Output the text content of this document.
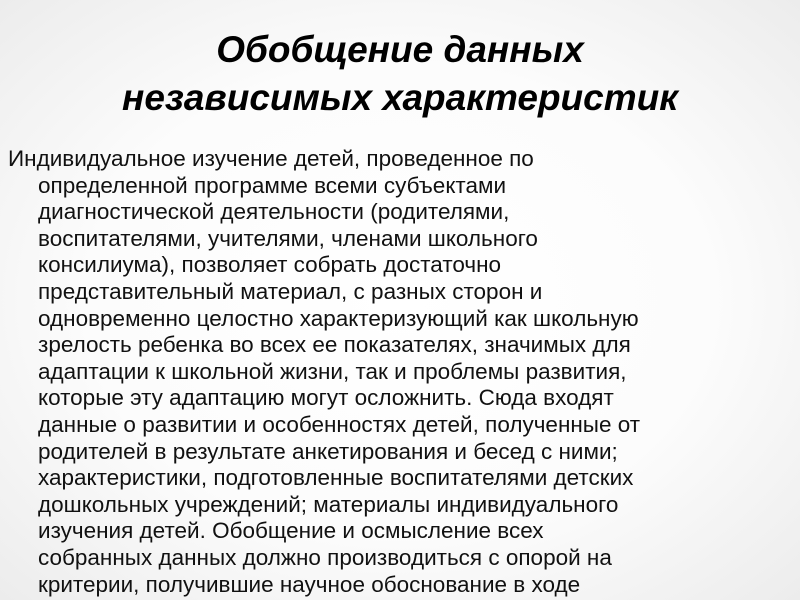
Обобщение данных
независимых характеристик
Индивидуальное изучение детей, проведенное по
определенной программе всеми субъектами
диагностической деятельности (родителями,
воспитателями, учителями, членами школьного
консилиума), позволяет собрать достаточно
представительный материал, с разных сторон и
одновременно целостно характеризующий как школьную
зрелость ребенка во всех ее показателях, значимых для
адаптации к школьной жизни, так и проблемы развития,
которые эту адаптацию могут осложнить. Сюда входят
данные о развитии и особенностях детей, полученные от
родителей в результате анкетирования и бесед с ними;
характеристики, подготовленные воспитателями детских
дошкольных учреждений; материалы индивидуального
изучения детей. Обобщение и осмысление всех
собранных данных должно производиться с опорой на
критерии, получившие научное обоснование в ходе
